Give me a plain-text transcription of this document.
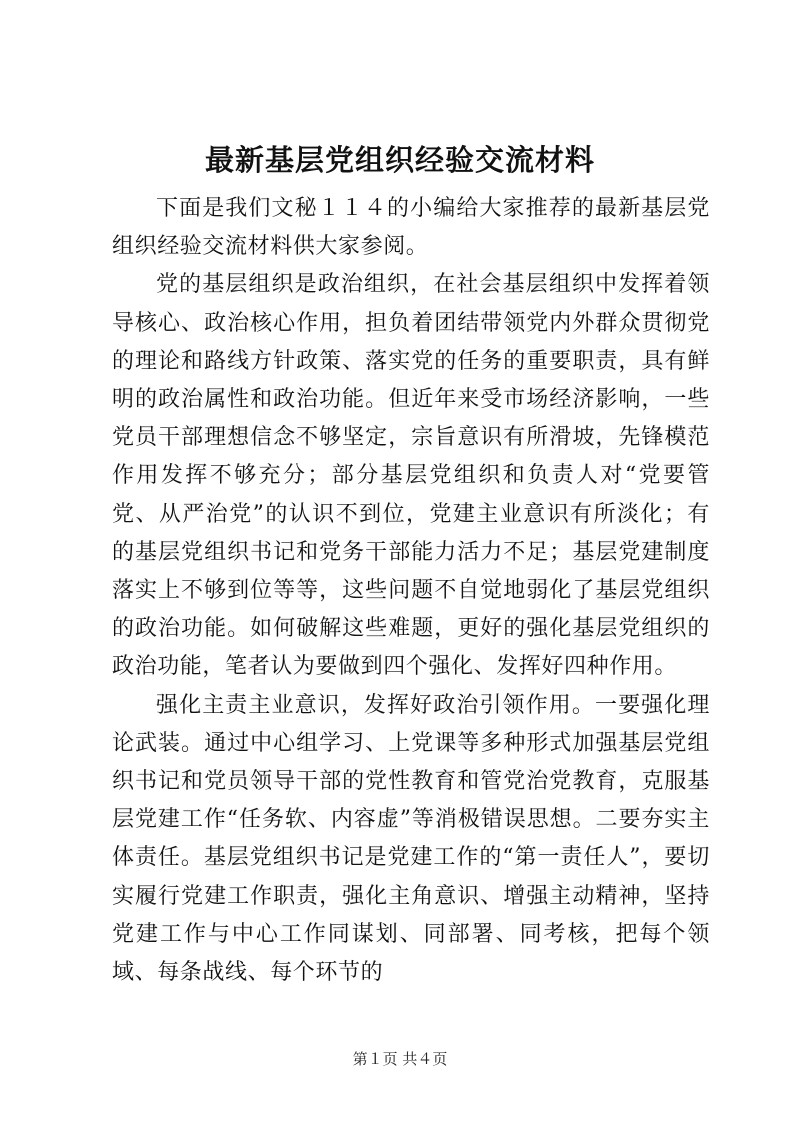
最新基层党组织经验交流材料

下面是我们文秘１１４的小编给大家推荐的最新基层党组织经验交流材料供大家参阅。

党的基层组织是政治组织，在社会基层组织中发挥着领导核心、政治核心作用，担负着团结带领党内外群众贯彻党的理论和路线方针政策、落实党的任务的重要职责，具有鲜明的政治属性和政治功能。但近年来受市场经济影响，一些党员干部理想信念不够坚定，宗旨意识有所滑坡，先锋模范作用发挥不够充分；部分基层党组织和负责人对“党要管党、从严治党”的认识不到位，党建主业意识有所淡化；有的基层党组织书记和党务干部能力活力不足；基层党建制度落实上不够到位等等，这些问题不自觉地弱化了基层党组织的政治功能。如何破解这些难题，更好的强化基层党组织的政治功能，笔者认为要做到四个强化、发挥好四种作用。

强化主责主业意识，发挥好政治引领作用。一要强化理论武装。通过中心组学习、上党课等多种形式加强基层党组织书记和党员领导干部的党性教育和管党治党教育，克服基层党建工作“任务软、内容虚”等消极错误思想。二要夯实主体责任。基层党组织书记是党建工作的“第一责任人”，要切实履行党建工作职责，强化主角意识、增强主动精神，坚持党建工作与中心工作同谋划、同部署、同考核，把每个领域、每条战线、每个环节的

第１页 共４页
